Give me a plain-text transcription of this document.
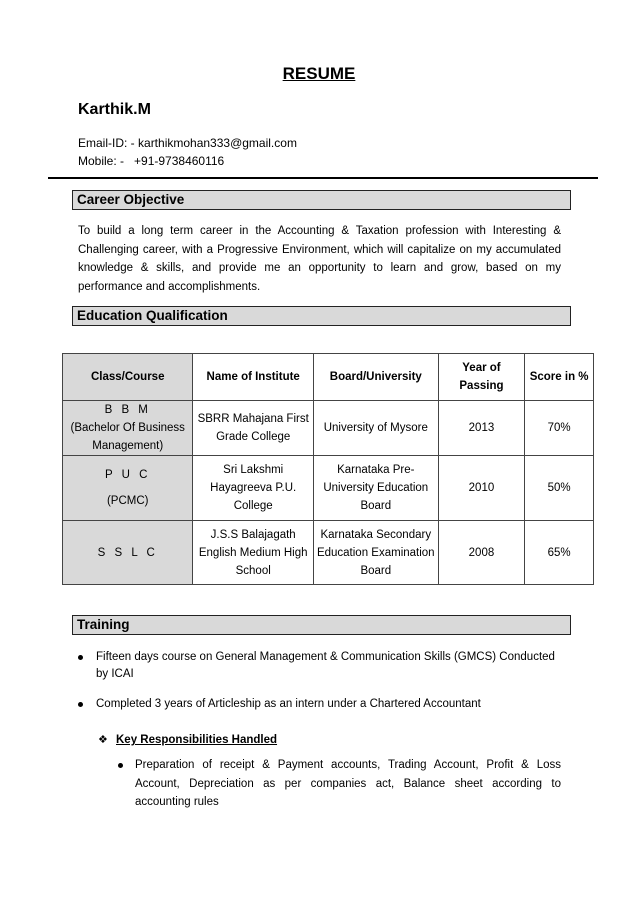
RESUME
Karthik.M
Email-ID: - karthikmohan333@gmail.com
Mobile: - +91-9738460116
Career Objective
To build a long term career in the Accounting & Taxation profession with Interesting & Challenging career, with a Progressive Environment, which will capitalize on my accumulated knowledge & skills, and provide me an opportunity to learn and grow, based on my performance and accomplishments.
Education Qualification
Class/Course	Name of Institute	Board/University	Year of Passing	Score in %

B B M
(Bachelor Of Business Management)	SBRR Mahajana First Grade College	University of Mysore	2013	70%

P U C
(PCMC)	Sri Lakshmi Hayagreeva P.U. College	Karnataka Pre-University Education Board	2010	50%

S S L C	J.S.S Balajagath English Medium High School	Karnataka Secondary Education Examination Board	2008	65%
Training
Fifteen days course on General Management & Communication Skills (GMCS) Conducted by ICAI
Completed 3 years of Articleship as an intern under a Chartered Accountant
❖ Key Responsibilities Handled
Preparation of receipt & Payment accounts, Trading Account, Profit & Loss Account, Depreciation as per companies act, Balance sheet according to accounting rules
